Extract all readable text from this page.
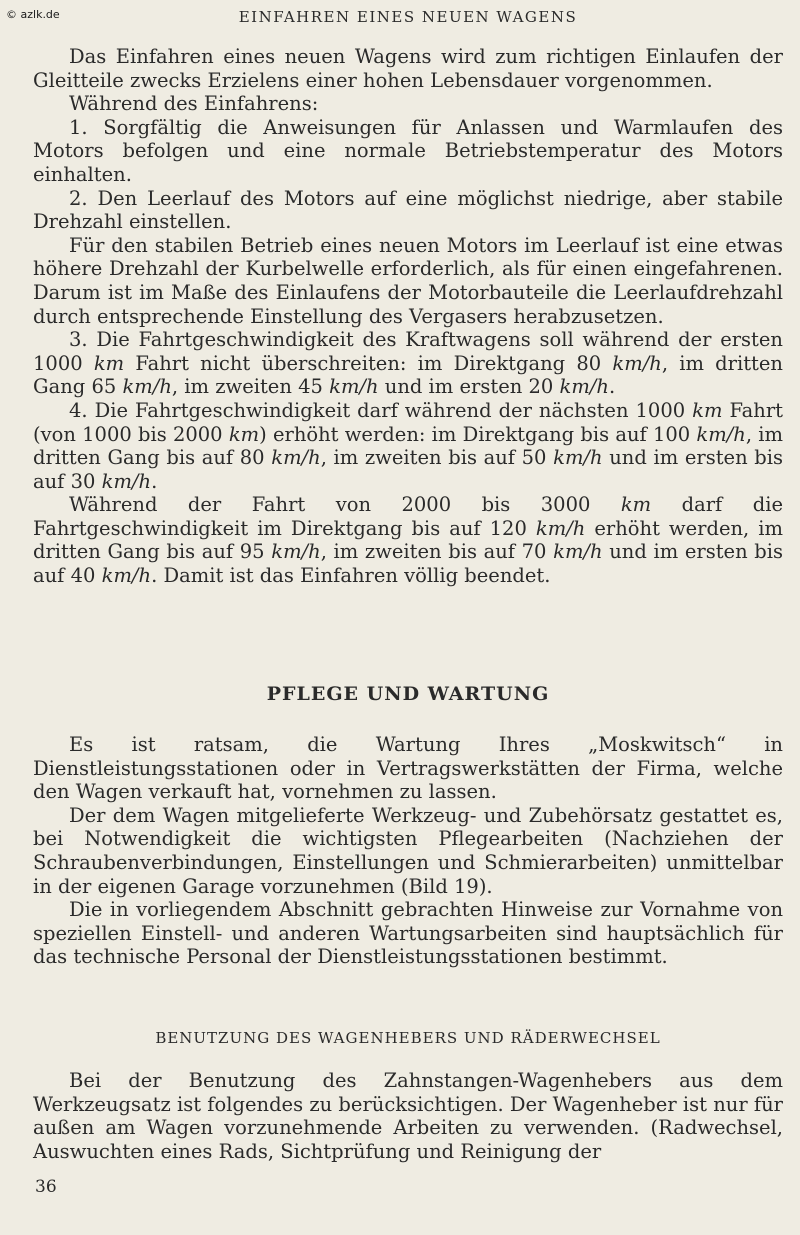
© azlk.de	EINFAHREN EINES NEUEN WAGENS

Das Einfahren eines neuen Wagens wird zum richtigen Einlaufen der Gleitteile zwecks Erzielens einer hohen Lebensdauer vorgenommen.

Während des Einfahrens:

1. Sorgfältig die Anweisungen für Anlassen und Warmlaufen des Motors befolgen und eine normale Betriebstemperatur des Motors einhalten.

2. Den Leerlauf des Motors auf eine möglichst niedrige, aber stabile Drehzahl einstellen.

Für den stabilen Betrieb eines neuen Motors im Leerlauf ist eine etwas höhere Drehzahl der Kurbelwelle erforderlich, als für einen eingefahrenen. Darum ist im Maße des Einlaufens der Motorbauteile die Leerlaufdrehzahl durch entsprechende Einstellung des Vergasers herabzusetzen.

3. Die Fahrtgeschwindigkeit des Kraftwagens soll während der ersten 1000 km Fahrt nicht überschreiten: im Direktgang 80 km/h, im dritten Gang 65 km/h, im zweiten 45 km/h und im ersten 20 km/h.

4. Die Fahrtgeschwindigkeit darf während der nächsten 1000 km Fahrt (von 1000 bis 2000 km) erhöht werden: im Direktgang bis auf 100 km/h, im dritten Gang bis auf 80 km/h, im zweiten bis auf 50 km/h und im ersten bis auf 30 km/h.

Während der Fahrt von 2000 bis 3000 km darf die Fahrtgeschwindigkeit im Direktgang bis auf 120 km/h erhöht werden, im dritten Gang bis auf 95 km/h, im zweiten bis auf 70 km/h und im ersten bis auf 40 km/h. Damit ist das Einfahren völlig beendet.

PFLEGE UND WARTUNG

Es ist ratsam, die Wartung Ihres „Moskwitsch“ in Dienstleistungsstationen oder in Vertragswerkstätten der Firma, welche den Wagen verkauft hat, vornehmen zu lassen.

Der dem Wagen mitgelieferte Werkzeug- und Zubehörsatz gestattet es, bei Notwendigkeit die wichtigsten Pflegearbeiten (Nachziehen der Schraubenverbindungen, Einstellungen und Schmierarbeiten) unmittelbar in der eigenen Garage vorzunehmen (Bild 19).

Die in vorliegendem Abschnitt gebrachten Hinweise zur Vornahme von speziellen Einstell- und anderen Wartungsarbeiten sind hauptsächlich für das technische Personal der Dienstleistungsstationen bestimmt.

BENUTZUNG DES WAGENHEBERS UND RÄDERWECHSEL

Bei der Benutzung des Zahnstangen-Wagenhebers aus dem Werkzeugsatz ist folgendes zu berücksichtigen. Der Wagenheber ist nur für außen am Wagen vorzunehmende Arbeiten zu verwenden. (Radwechsel, Auswuchten eines Rads, Sichtprüfung und Reinigung der

36
